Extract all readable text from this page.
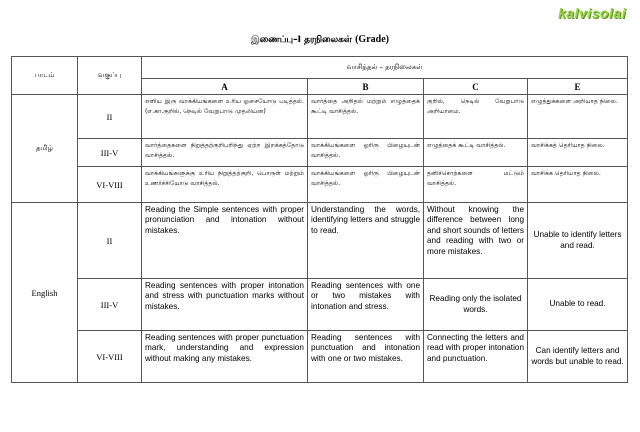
kalvisolai
இணைப்பு–I தரநிலைகள் (Grade)
பாடம்	வகுப்பு	வாசித்தல் – தரநிலைகள்			
		A	B	C	E
தமிழ்	II	எளிய இரு வாக்கியங்களை உரிய ஓசையோடு படித்தல். (எ.கா.குறில், நெடில் வேறுபாடு முதலியன)	வார்த்தை அறிதல் மற்றும் எழுத்தைக் கூட்டி வாசித்தல்.	குறில், நெடில் வேறுபாடு அறியாமை.	எழுத்துக்களை அறியாத நிலை.
	III-V	வார்த்தைகளை நிறுத்தற்குறிபறிந்து ஏற்ற இறக்கத்தோடு வாசித்தல்.	வாக்கியங்களை ஓரிரு பிழையுடன் வாசித்தல்.	எழுத்தைக் கூட்டி வாசித்தல்.	வாசிக்கத் தெரியாத நிலை.
	VI-VIII	வாக்கியங்களுக்கு உரிய நிறுத்தற்குறி, பொருள் மற்றும் உணர்ச்சியோடு வாசித்தல்.	வாக்கியங்களை ஓரிரு பிழையுடன் வாசித்தல்.	தனிச்சொற்களை மட்டும் வாசித்தல்.	வாசிக்க தெரியாத நிலை.
English	II	Reading the Simple sentences with proper pronunciation and intonation without mistakes.	Understanding the words, identifying letters and struggle to read.	Without knowing the difference between long and short sounds of letters and reading with two or more mistakes.	Unable to identify letters and read.
	III-V	Reading sentences with proper intonation and stress with punctuation marks without mistakes.	Reading sentences with one or two mistakes with intonation and stress.	Reading only the isolated words.	Unable to read.
	VI-VIII	Reading sentences with proper punctuation mark, understanding and expression without making any mistakes.	Reading sentences with punctuation and intonation with one or two mistakes.	Connecting the letters and read with proper intonation and punctuation.	Can identify letters and words but unable to read.
